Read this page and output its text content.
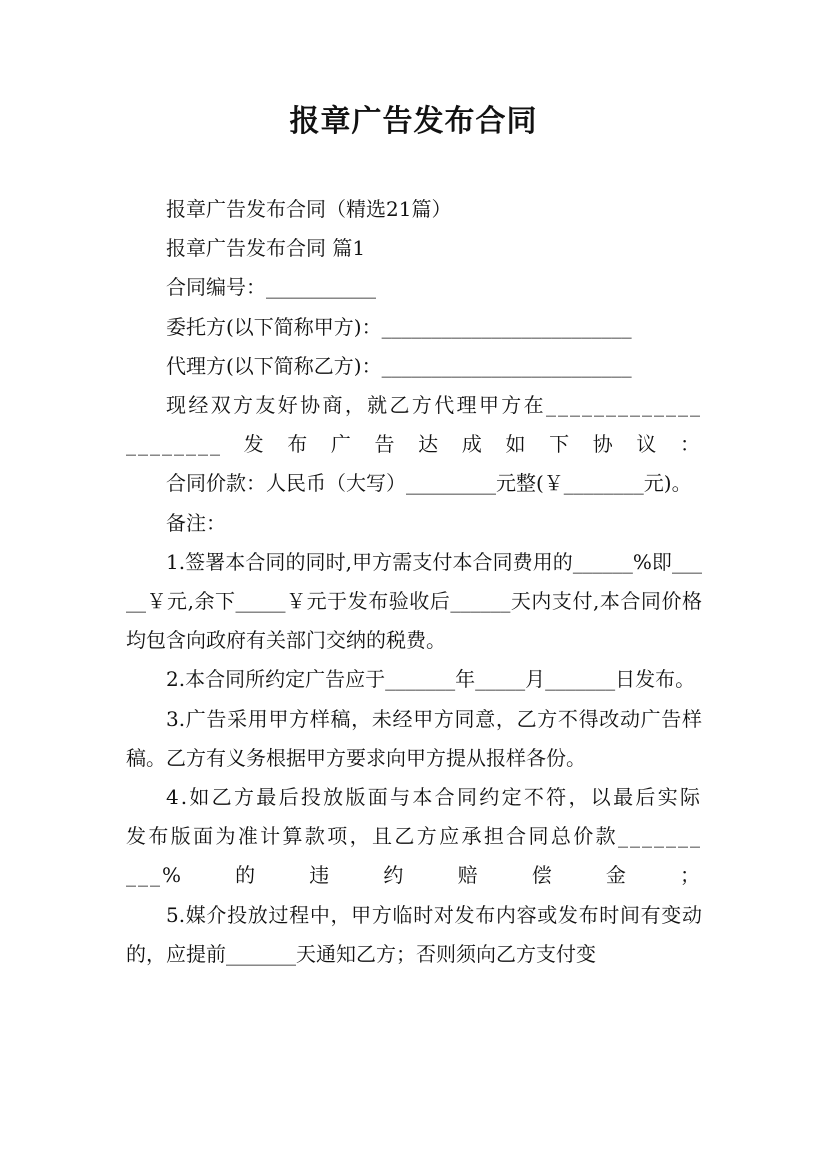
报章广告发布合同

报章广告发布合同（精选21篇）

报章广告发布合同 篇1

合同编号：___________

委托方(以下简称甲方)：_________________________

代理方(以下简称乙方)：_________________________

现经双方友好协商，就乙方代理甲方在_____________________发布广告达成如下协议：

合同价款：人民币（大写）_________元整(￥________元)。

备注：

1.签署本合同的同时,甲方需支付本合同费用的______%即_____￥元,余下_____￥元于发布验收后______天内支付,本合同价格均包含向政府有关部门交纳的税费。

2.本合同所约定广告应于_______年_____月_______日发布。

3.广告采用甲方样稿，未经甲方同意，乙方不得改动广告样稿。乙方有义务根据甲方要求向甲方提从报样各份。

4.如乙方最后投放版面与本合同约定不符，以最后实际发布版面为准计算款项，且乙方应承担合同总价款__________%的违约赔偿金；

5.媒介投放过程中，甲方临时对发布内容或发布时间有变动的，应提前_______天通知乙方；否则须向乙方支付变
